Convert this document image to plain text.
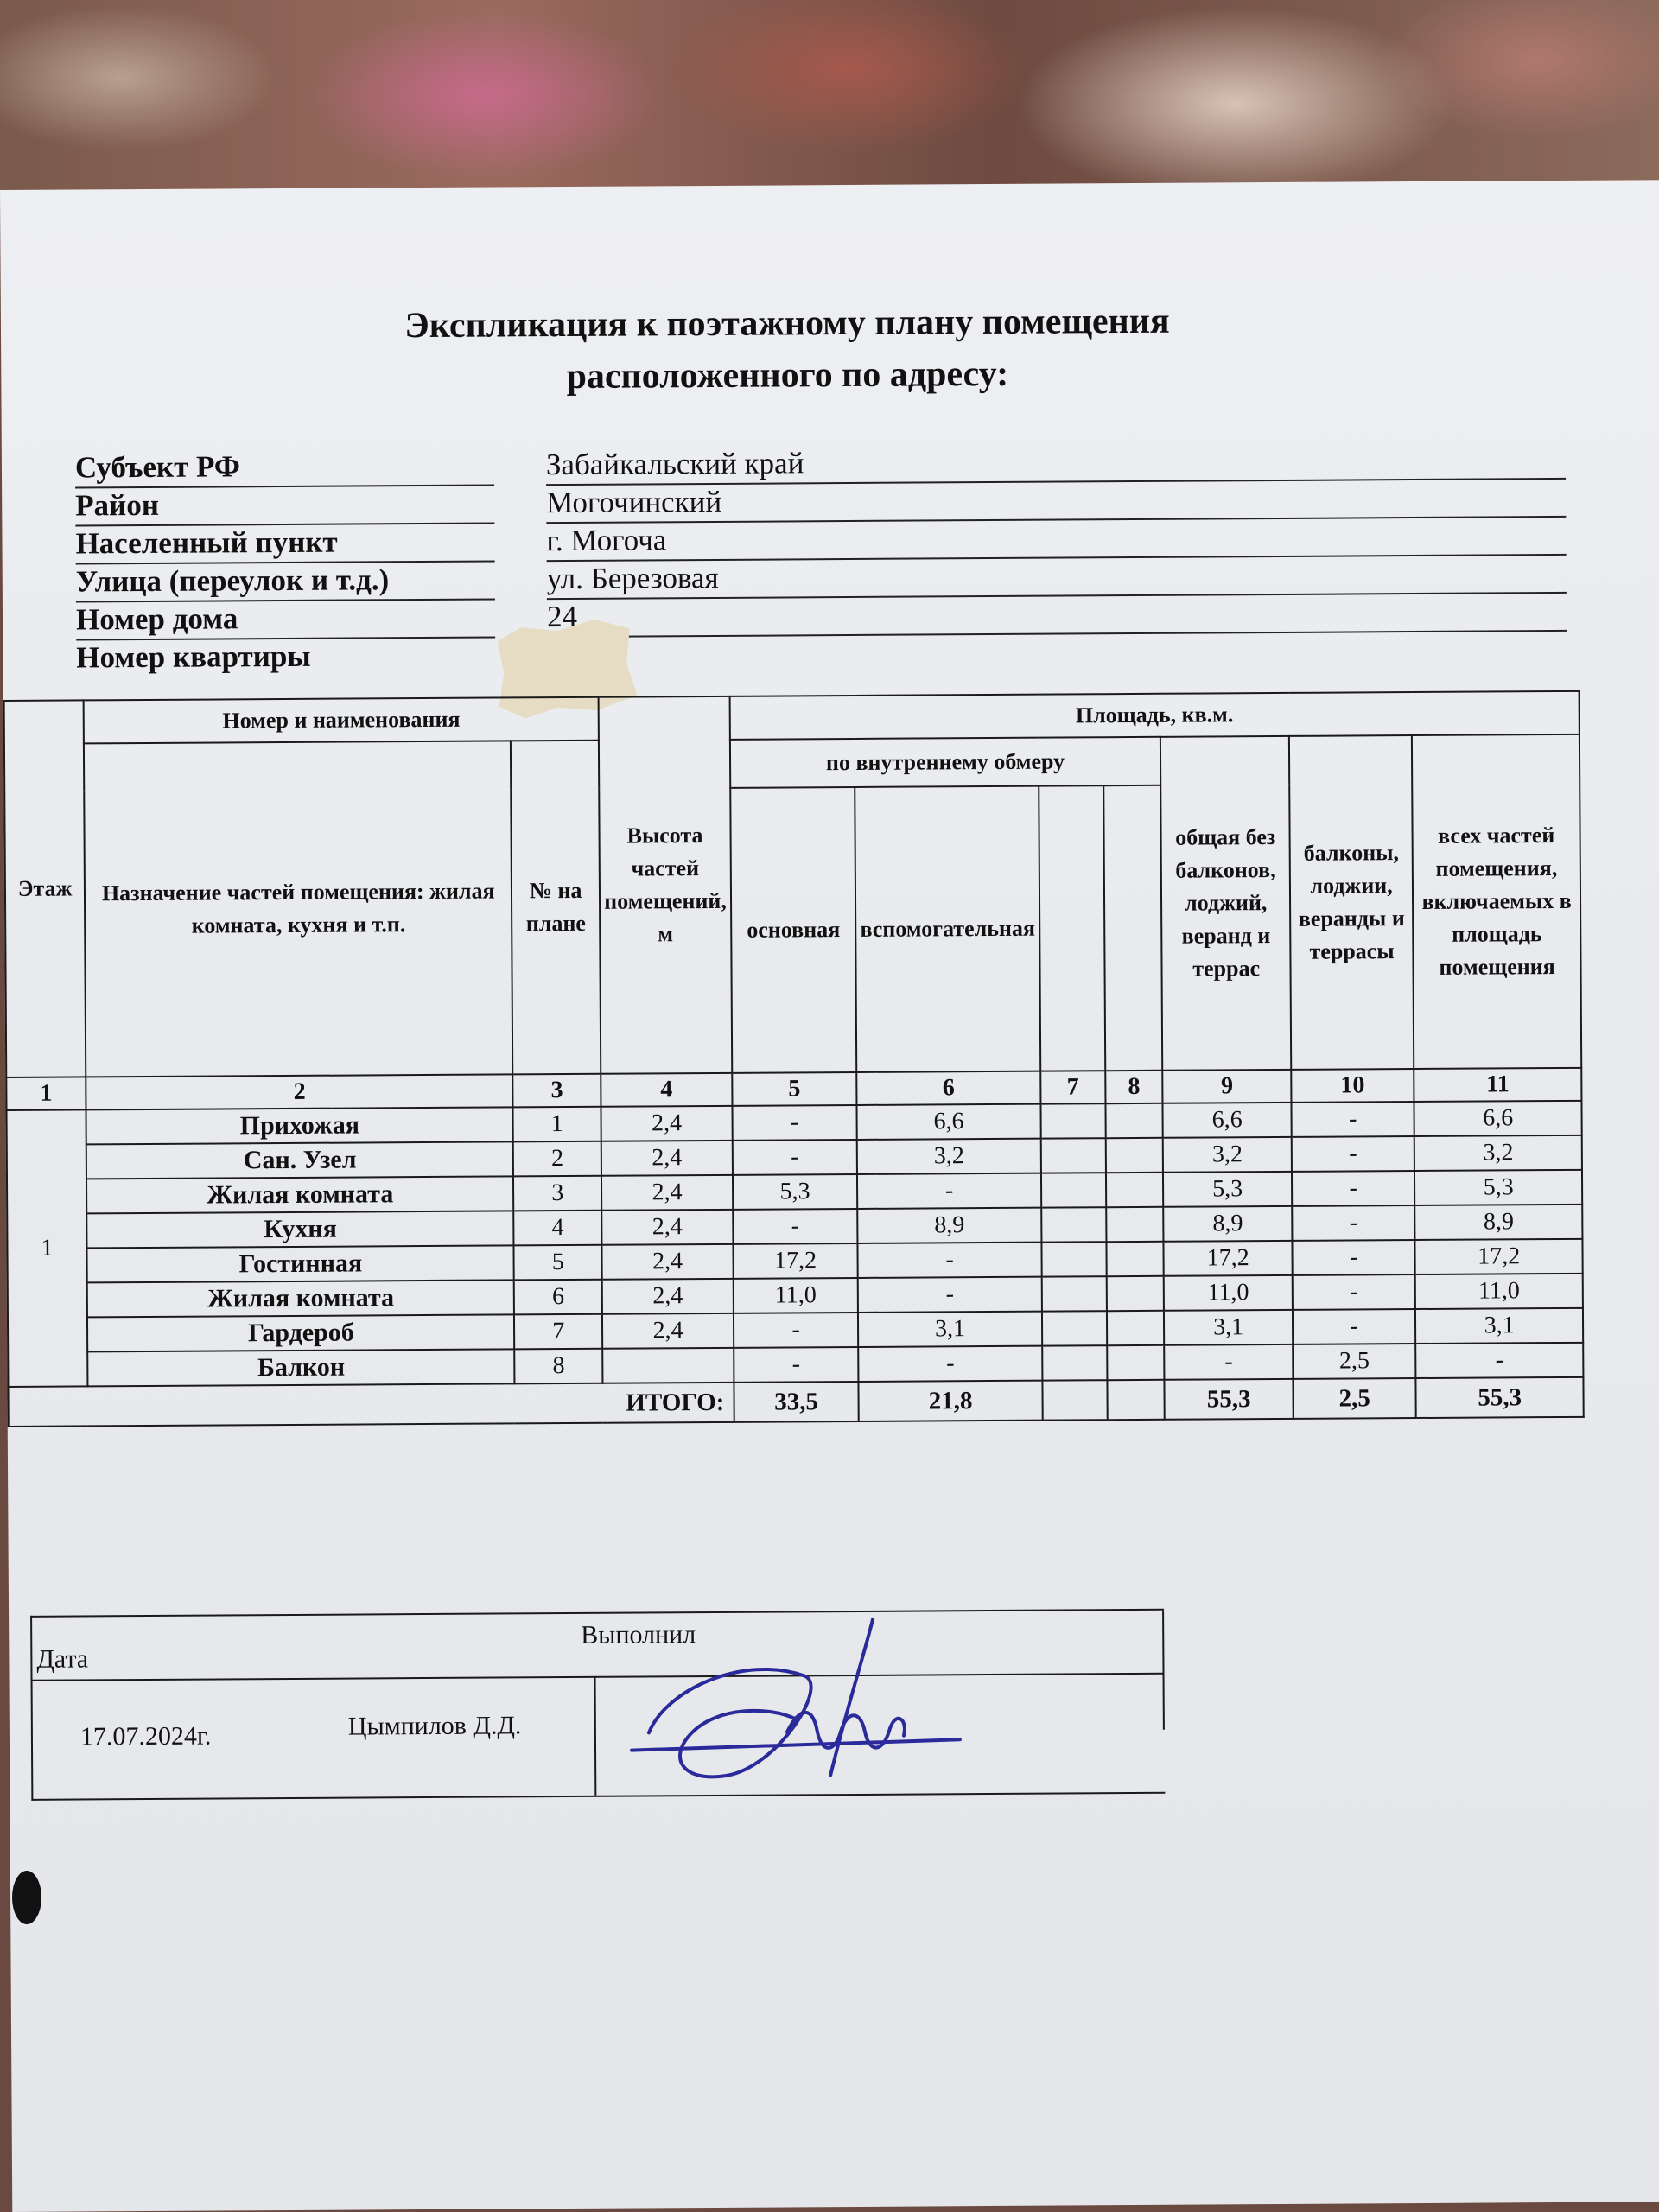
Экспликация к поэтажному плану помещения
расположенного по адресу:
Субъект РФ	Забайкальский край
Район	Могочинский
Населенный пункт	г. Могоча
Улица (переулок и т.д.)	ул. Березовая
Номер дома	24
Номер квартиры
Этаж	Номер и наименования		Высота частей помещений, м	Площадь, кв.м.						
	Назначение частей помещения: жилая комната, кухня и т.п.	№ на плане		по внутреннему обмеру				общая без балконов, лоджий, веранд и террас	балконы, лоджии, веранды и террасы	всех частей помещения, включаемых в площадь помещения
				основная	вспомогательная					
1	2	3	4	5	6	7	8	9	10	11
1	Прихожая	1	2,4	-	6,6			6,6	-	6,6
	Сан. Узел	2	2,4	-	3,2			3,2	-	3,2
	Жилая комната	3	2,4	5,3	-			5,3	-	5,3
	Кухня	4	2,4	-	8,9			8,9	-	8,9
	Гостинная	5	2,4	17,2	-			17,2	-	17,2
	Жилая комната	6	2,4	11,0	-			11,0	-	11,0
	Гардероб	7	2,4	-	3,1			3,1	-	3,1
	Балкон	8		-	-			-	2,5	-
ИТОГО:				33,5	21,8			55,3	2,5	55,3
Дата
Выполнил
17.07.2024г.	Цымпилов Д.Д.
